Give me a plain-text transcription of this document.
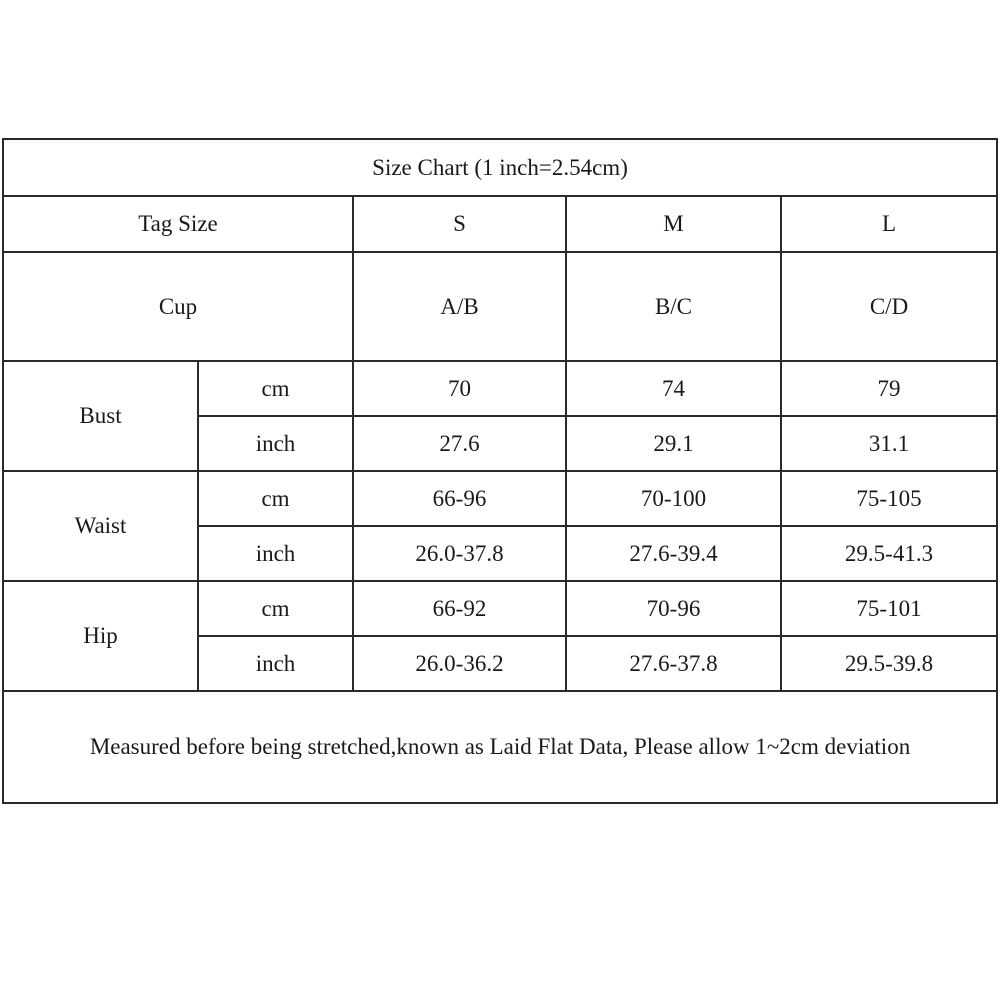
Size Chart (1 inch=2.54cm)				
Tag Size		S	M	L
Cup		A/B	B/C	C/D
Bust	cm	70	74	79
	inch	27.6	29.1	31.1
Waist	cm	66-96	70-100	75-105
	inch	26.0-37.8	27.6-39.4	29.5-41.3
Hip	cm	66-92	70-96	75-101
	inch	26.0-36.2	27.6-37.8	29.5-39.8

Measured before being stretched,known as Laid Flat Data, Please allow 1~2cm deviation				
